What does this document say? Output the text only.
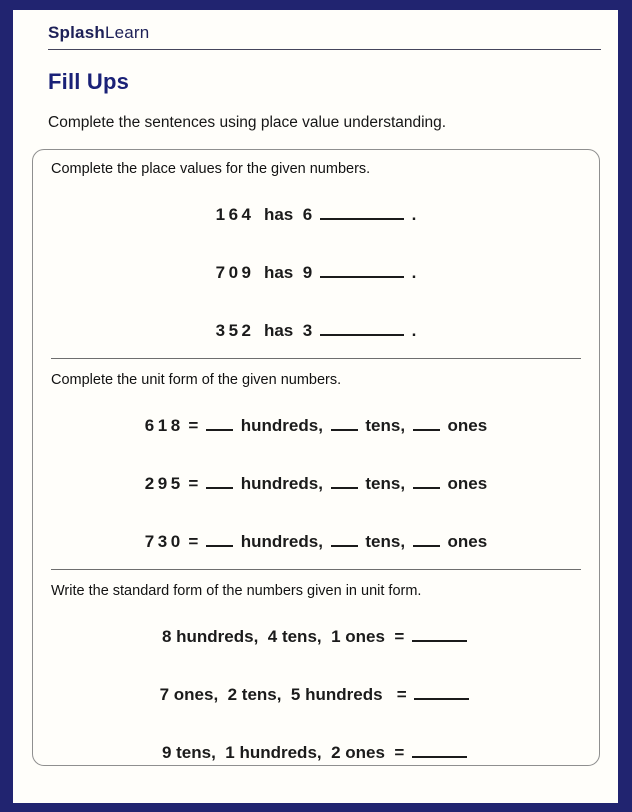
SplashLearn
Fill Ups

Complete the sentences using place value understanding.

Complete the place values for the given numbers.

164 has  6	.
709 has  9	.
352 has  3	.

Complete the unit form of the given numbers.

618 = hundreds, tens, ones
295 = hundreds, tens, ones
730 = hundreds, tens, ones

Write the standard form of the numbers given in unit form.

8 hundreds,  4 tens,  1 ones  =
7 ones,  2 tens,  5 hundreds   =
9 tens,  1 hundreds,  2 ones  =
